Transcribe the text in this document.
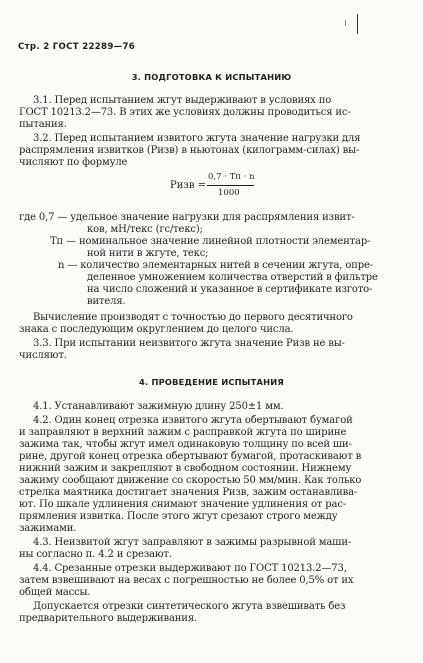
Стр. 2 ГОСТ 22289—76
3. ПОДГОТОВКА К ИСПЫТАНИЮ
3.1. Перед испытанием жгут выдерживают в условиях по
ГОСТ 10213.2—73. В этих же условиях должны проводиться ис-
пытания.
3.2. Перед испытанием извитого жгута значение нагрузки для
распрямления извитков (Pизв) в ньютонах (килограмм-силах) вы-
числяют по формуле
Pизв =
0,7 · Tп · n
1000
где 0,7 — удельное значение нагрузки для распрямления извит-
ков, мН/текс (гс/текс);
Tп — номинальное значение линейной плотности элементар-
ной нити в жгуте, текс;
n — количество элементарных нитей в сечении жгута, опре-
деленное умножением количества отверстий в фильтре
на число сложений и указанное в сертификате изгото-
вителя.
Вычисление производят с точностью до первого десятичного
знака с последующим округлением до целого числа.
3.3. При испытании неизвитого жгута значение Pизв не вы-
числяют.
4. ПРОВЕДЕНИЕ ИСПЫТАНИЯ
4.1. Устанавливают зажимную длину 250±1 мм.
4.2. Один конец отрезка извитого жгута обертывают бумагой
и заправляют в верхний зажим с расправкой жгута по ширине
зажима так, чтобы жгут имел одинаковую толщину по всей ши-
рине, другой конец отрезка обертывают бумагой, протаскивают в
нижний зажим и закрепляют в свободном состоянии. Нижнему
зажиму сообщают движение со скоростью 50 мм/мин. Как только
стрелка маятника достигает значения Pизв, зажим останавлива-
ют. По шкале удлинения снимают значение удлинения от рас-
прямления извитка. После этого жгут срезают строго между
зажимами.
4.3. Неизвитой жгут заправляют в зажимы разрывной маши-
ны согласно п. 4.2 и срезают.
4.4. Срезанные отрезки выдерживают по ГОСТ 10213.2—73,
затем взвешивают на весах с погрешностью не более 0,5% от их
общей массы.
Допускается отрезки синтетического жгута взвешивать без
предварительного выдерживания.
